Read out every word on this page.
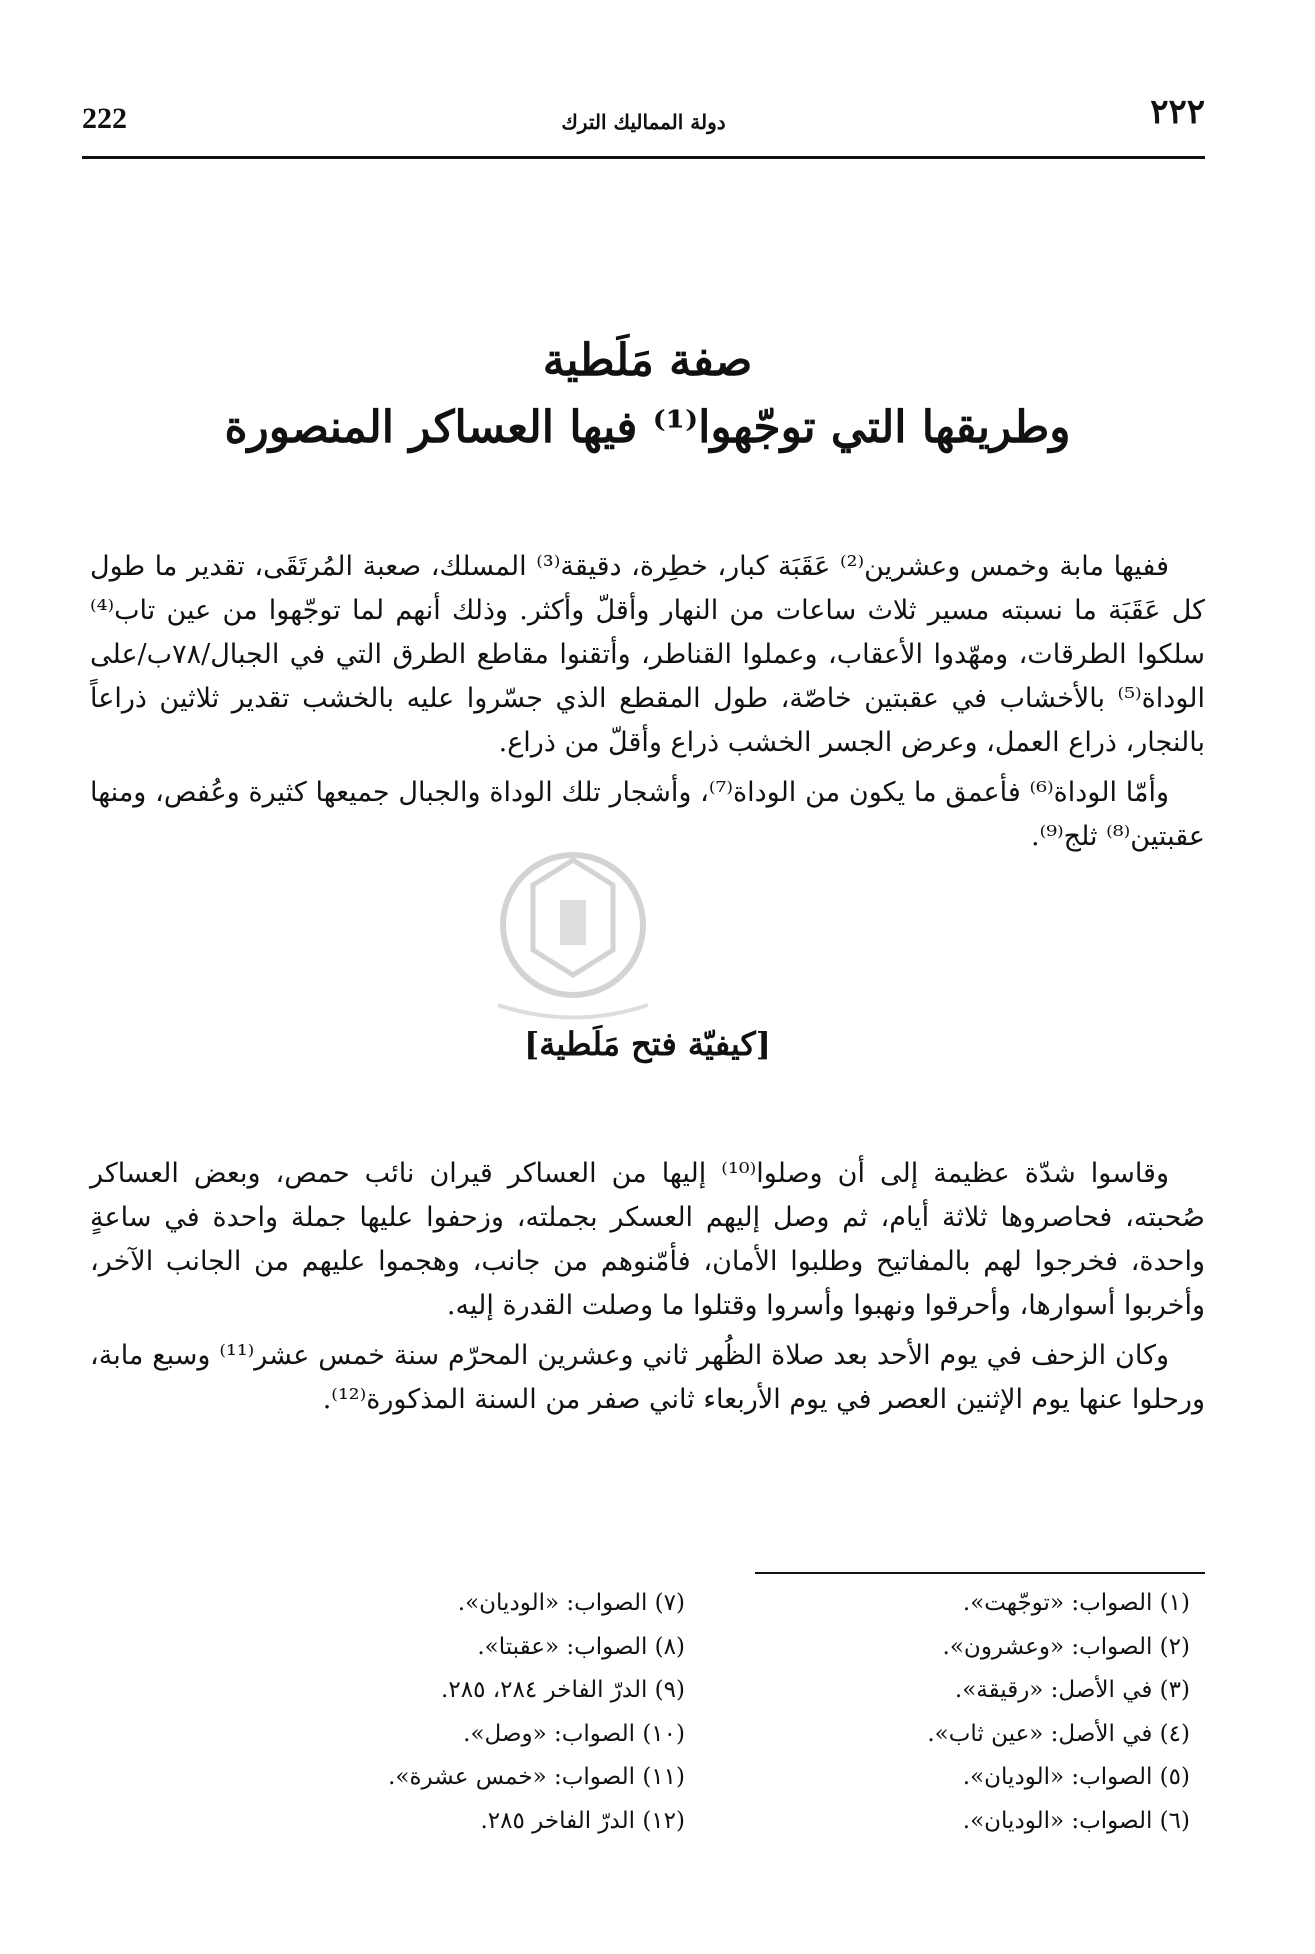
222	دولة المماليك الترك	٢٢٢
صفة مَلَطية
وطريقها التي توجّهوا⁽¹⁾ فيها العساكر المنصورة

ففيها مابة وخمس وعشرين⁽²⁾ عَقَبَة كبار، خطِرة، دقيقة⁽³⁾ المسلك، صعبة المُرتَقَى، تقدير ما طول كل عَقَبَة ما نسبته مسير ثلاث ساعات من النهار وأقلّ وأكثر. وذلك أنهم لما توجّهوا من عين تاب⁽⁴⁾ سلكوا الطرقات، ومهّدوا الأعقاب، وعملوا القناطر، وأتقنوا مقاطع الطرق التي في الجبال/٧٨ب/على الوداة⁽⁵⁾ بالأخشاب في عقبتين خاصّة، طول المقطع الذي جسّروا عليه بالخشب تقدير ثلاثين ذراعاً بالنجار، ذراع العمل، وعرض الجسر الخشب ذراع وأقلّ من ذراع.

وأمّا الوداة⁽⁶⁾ فأعمق ما يكون من الوداة⁽⁷⁾، وأشجار تلك الوداة والجبال جميعها كثيرة وعُفص، ومنها عقبتين⁽⁸⁾ ثلج⁽⁹⁾.

[كيفيّة فتح مَلَطية]

وقاسوا شدّة عظيمة إلى أن وصلوا⁽¹⁰⁾ إليها من العساكر قيران نائب حمص، وبعض العساكر صُحبته، فحاصروها ثلاثة أيام، ثم وصل إليهم العسكر بجملته، وزحفوا عليها جملة واحدة في ساعةٍ واحدة، فخرجوا لهم بالمفاتيح وطلبوا الأمان، فأمّنوهم من جانب، وهجموا عليهم من الجانب الآخر، وأخربوا أسوارها، وأحرقوا ونهبوا وأسروا وقتلوا ما وصلت القدرة إليه.

وكان الزحف في يوم الأحد بعد صلاة الظُهر ثاني وعشرين المحرّم سنة خمس عشر⁽¹¹⁾ وسبع مابة، ورحلوا عنها يوم الإثنين العصر في يوم الأربعاء ثاني صفر من السنة المذكورة⁽¹²⁾.

(١) الصواب: «توجّهت».
(٢) الصواب: «وعشرون».
(٣) في الأصل: «رقيقة».
(٤) في الأصل: «عين ثاب».
(٥) الصواب: «الوديان».
(٦) الصواب: «الوديان».
(٧) الصواب: «الوديان».
(٨) الصواب: «عقبتا».
(٩) الدرّ الفاخر ٢٨٤، ٢٨٥.
(١٠) الصواب: «وصل».
(١١) الصواب: «خمس عشرة».
(١٢) الدرّ الفاخر ٢٨٥.
